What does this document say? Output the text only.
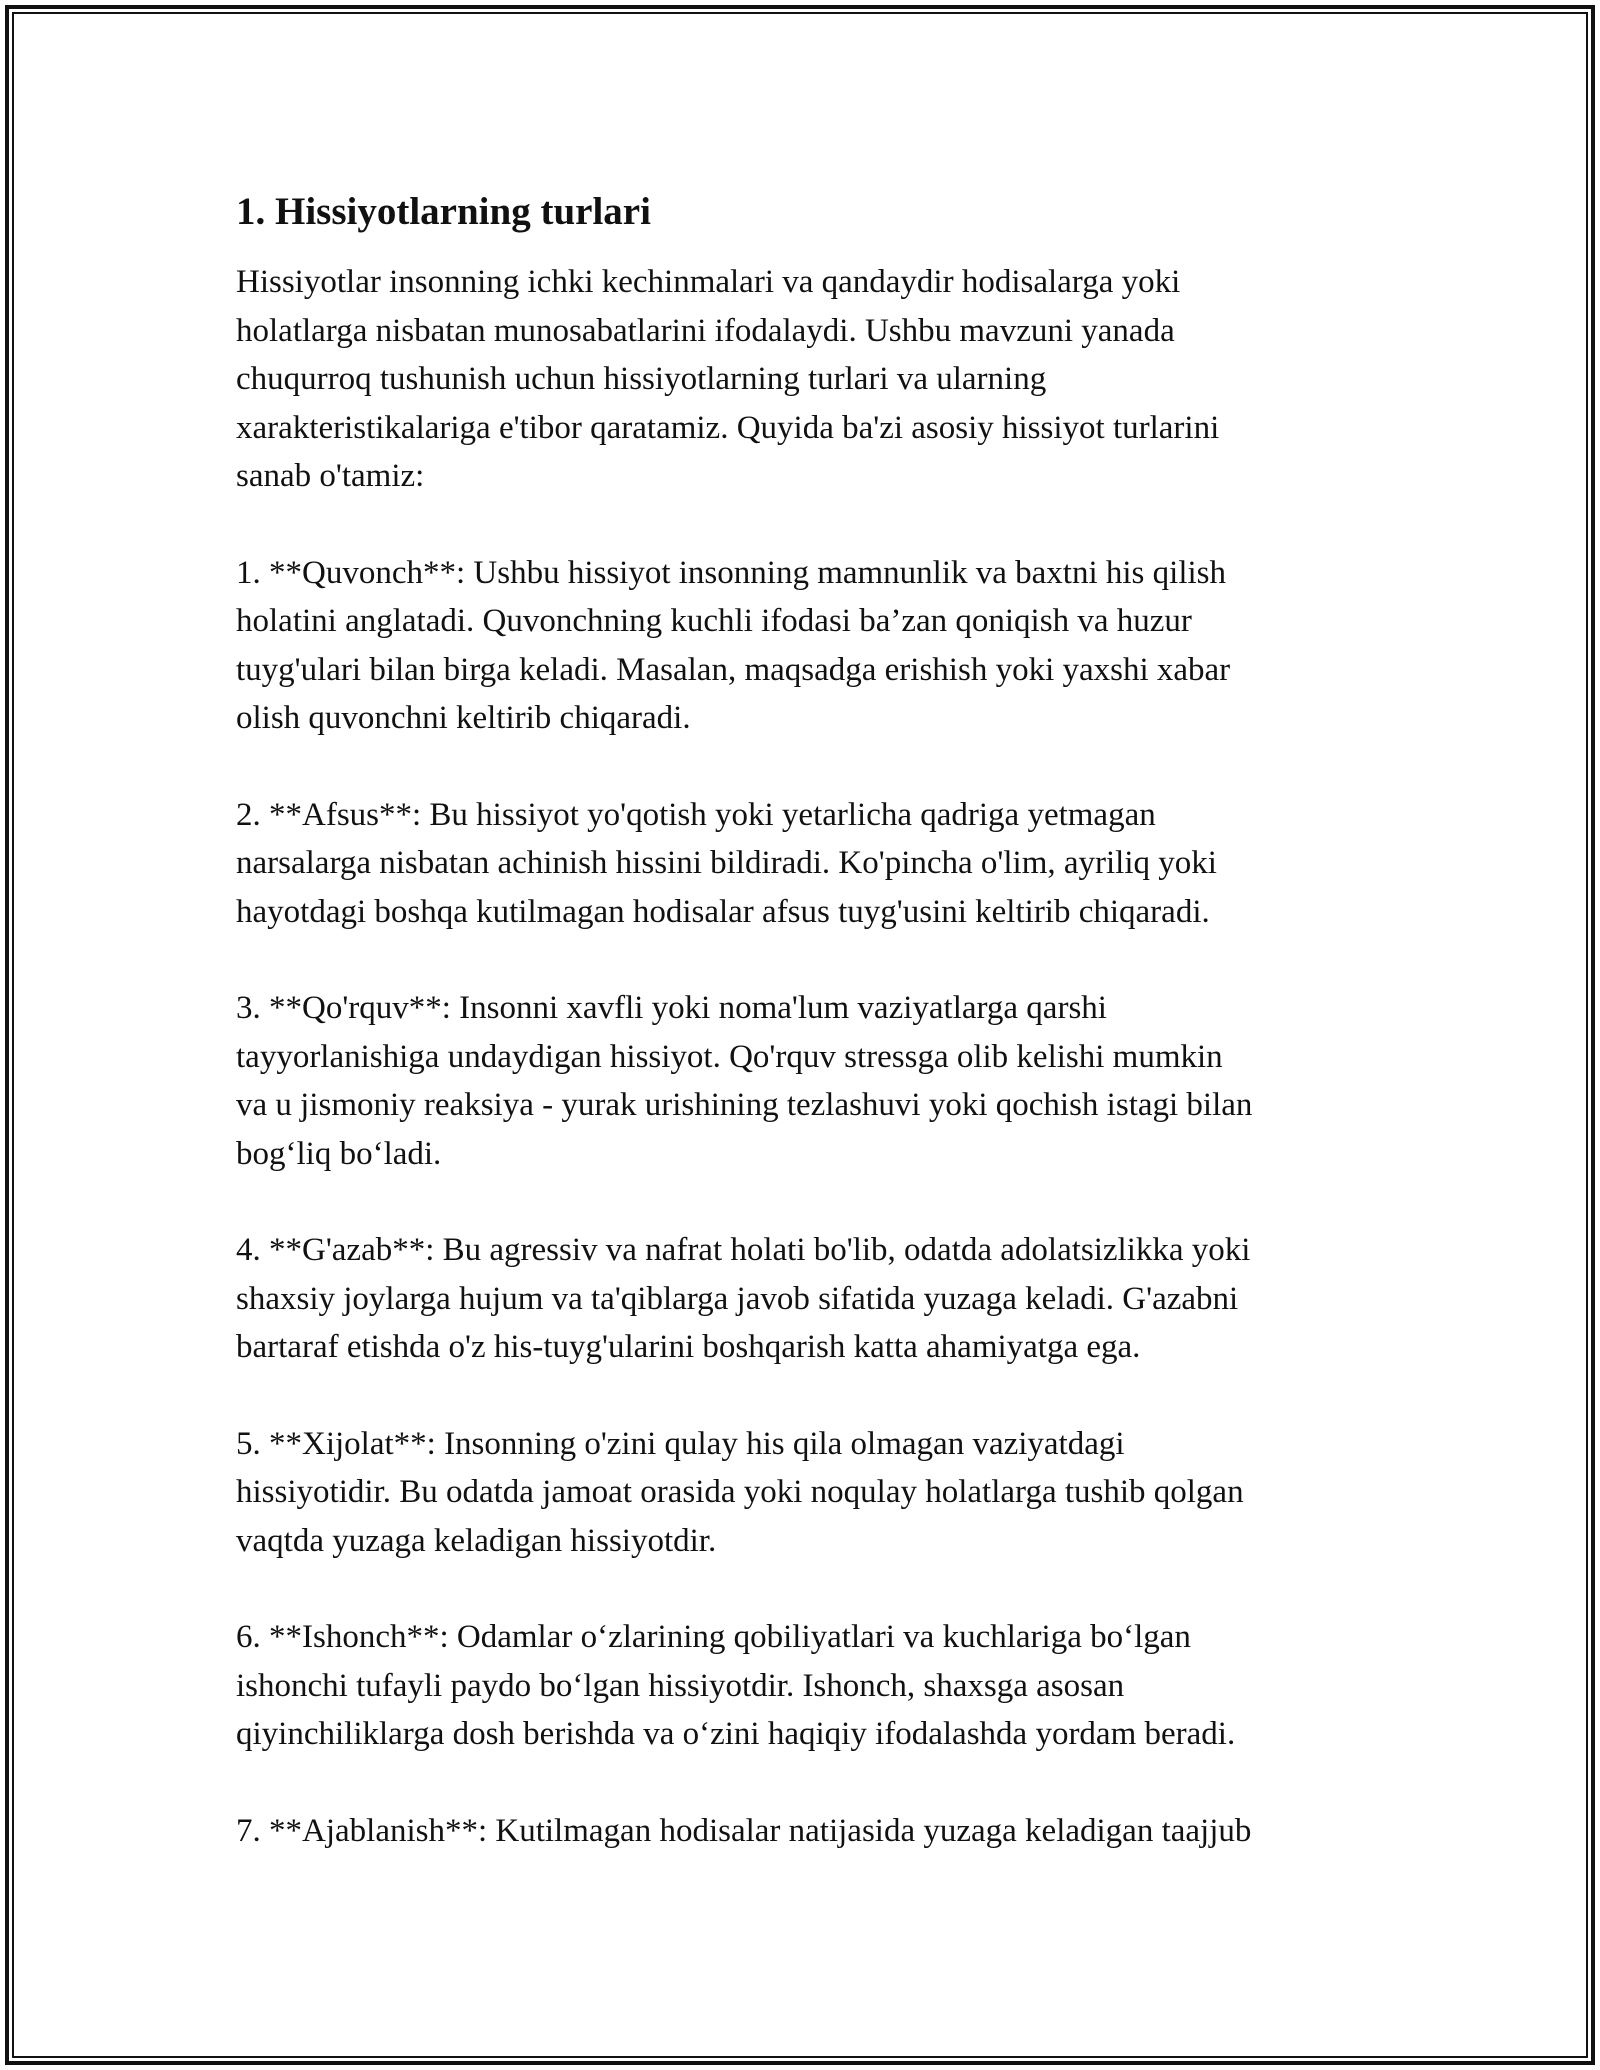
1. Hissiyotlarning turlari

Hissiyotlar insonning ichki kechinmalari va qandaydir hodisalarga yoki
holatlarga nisbatan munosabatlarini ifodalaydi. Ushbu mavzuni yanada
chuqurroq tushunish uchun hissiyotlarning turlari va ularning
xarakteristikalariga e'tibor qaratamiz. Quyida ba'zi asosiy hissiyot turlarini
sanab o'tamiz:

1. **Quvonch**: Ushbu hissiyot insonning mamnunlik va baxtni his qilish
holatini anglatadi. Quvonchning kuchli ifodasi ba’zan qoniqish va huzur
tuyg'ulari bilan birga keladi. Masalan, maqsadga erishish yoki yaxshi xabar
olish quvonchni keltirib chiqaradi.

2. **Afsus**: Bu hissiyot yo'qotish yoki yetarlicha qadriga yetmagan
narsalarga nisbatan achinish hissini bildiradi. Ko'pincha o'lim, ayriliq yoki
hayotdagi boshqa kutilmagan hodisalar afsus tuyg'usini keltirib chiqaradi.

3. **Qo'rquv**: Insonni xavfli yoki noma'lum vaziyatlarga qarshi
tayyorlanishiga undaydigan hissiyot. Qo'rquv stressga olib kelishi mumkin
va u jismoniy reaksiya - yurak urishining tezlashuvi yoki qochish istagi bilan
bog‘liq bo‘ladi.

4. **G'azab**: Bu agressiv va nafrat holati bo'lib, odatda adolatsizlikka yoki
shaxsiy joylarga hujum va ta'qiblarga javob sifatida yuzaga keladi. G'azabni
bartaraf etishda o'z his-tuyg'ularini boshqarish katta ahamiyatga ega.

5. **Xijolat**: Insonning o'zini qulay his qila olmagan vaziyatdagi
hissiyotidir. Bu odatda jamoat orasida yoki noqulay holatlarga tushib qolgan
vaqtda yuzaga keladigan hissiyotdir.

6. **Ishonch**: Odamlar o‘zlarining qobiliyatlari va kuchlariga bo‘lgan
ishonchi tufayli paydo bo‘lgan hissiyotdir. Ishonch, shaxsga asosan
qiyinchiliklarga dosh berishda va o‘zini haqiqiy ifodalashda yordam beradi.

7. **Ajablanish**: Kutilmagan hodisalar natijasida yuzaga keladigan taajjub
